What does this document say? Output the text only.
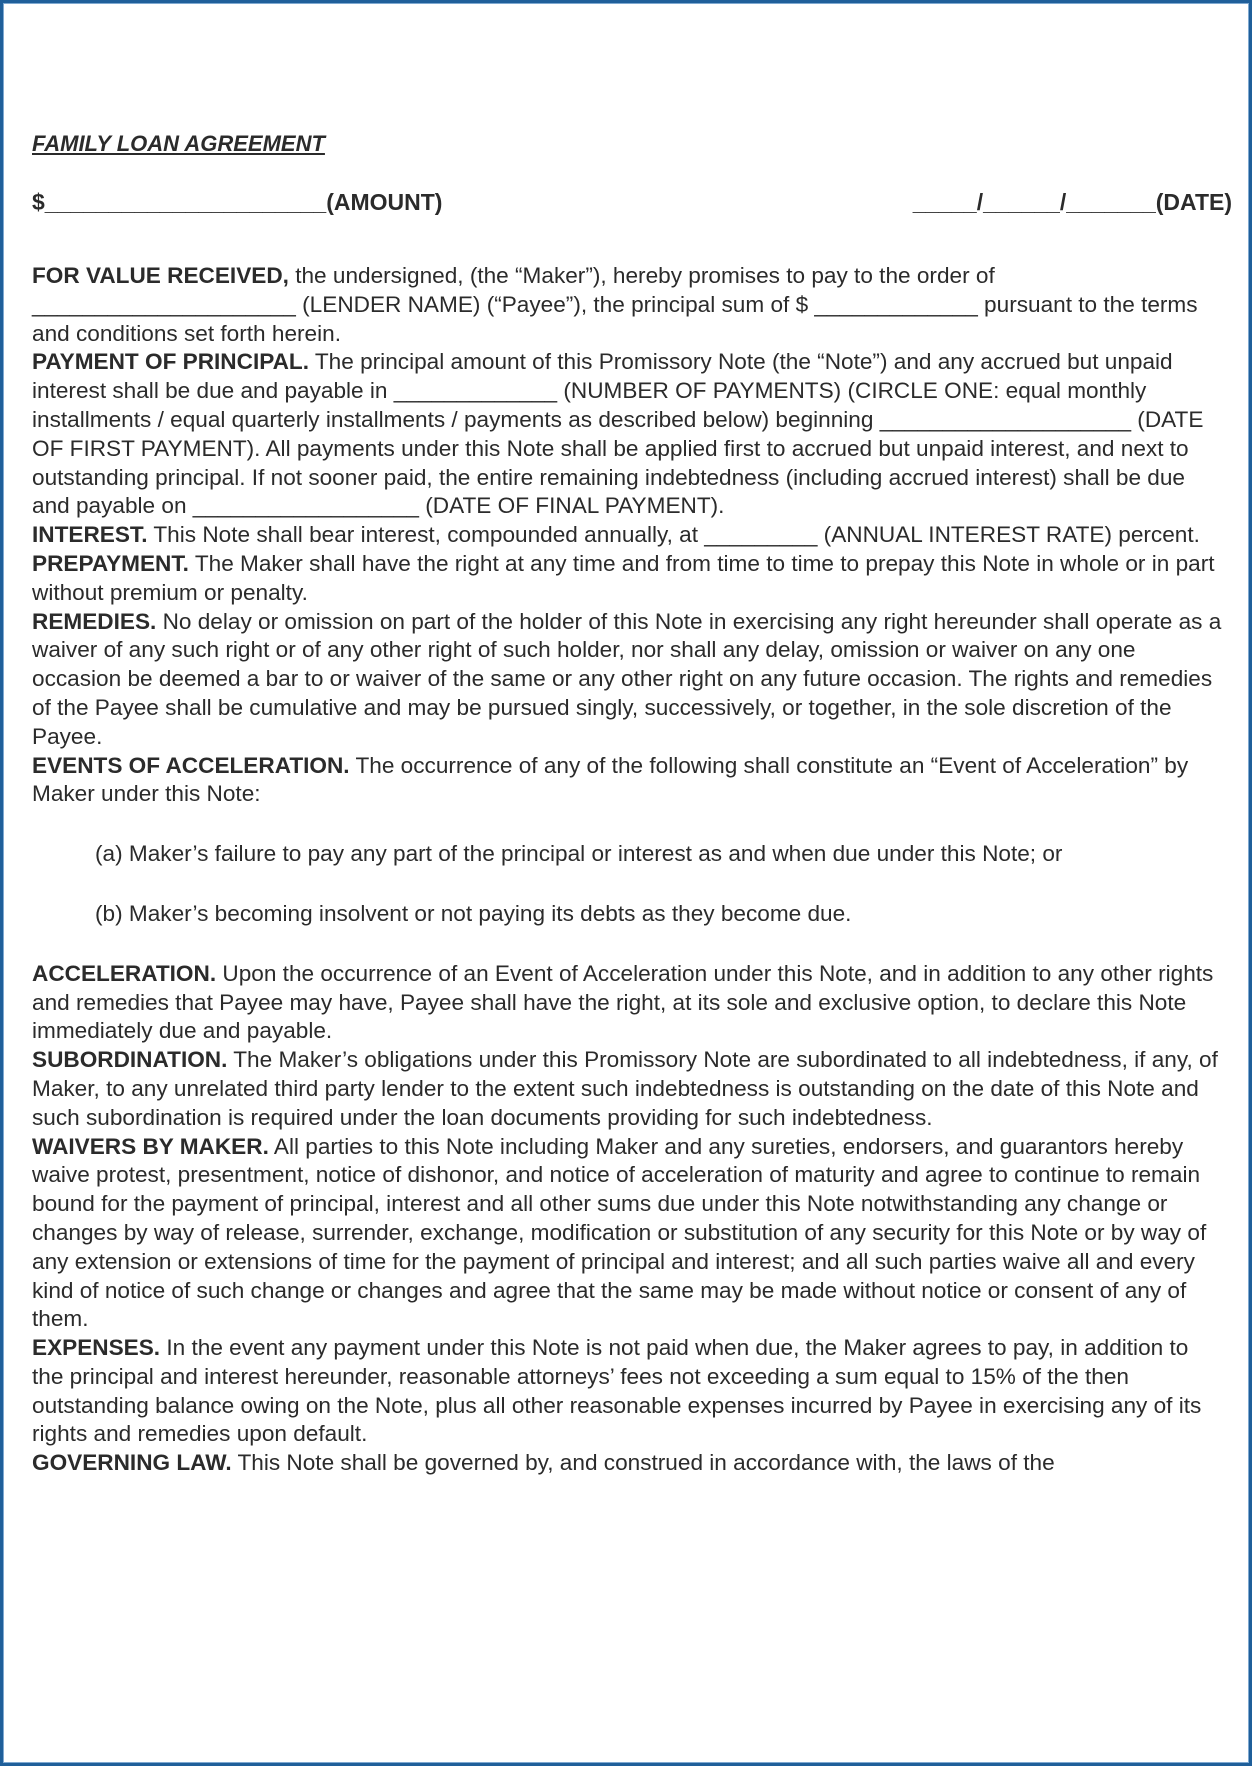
FAMILY LOAN AGREEMENT
$______________________(AMOUNT)	_____/______/_______(DATE)

FOR VALUE RECEIVED, the undersigned, (the “Maker”), hereby promises to pay to the order of _____________________ (LENDER NAME) (“Payee”), the principal sum of $ _____________ pursuant to the terms and conditions set forth herein.

PAYMENT OF PRINCIPAL. The principal amount of this Promissory Note (the “Note”) and any accrued but unpaid interest shall be due and payable in _____________ (NUMBER OF PAYMENTS) (CIRCLE ONE: equal monthly installments / equal quarterly installments / payments as described below) beginning ____________________ (DATE OF FIRST PAYMENT). All payments under this Note shall be applied first to accrued but unpaid interest, and next to outstanding principal. If not sooner paid, the entire remaining indebtedness (including accrued interest) shall be due and payable on __________________ (DATE OF FINAL PAYMENT).

INTEREST. This Note shall bear interest, compounded annually, at _________ (ANNUAL INTEREST RATE) percent.

PREPAYMENT. The Maker shall have the right at any time and from time to time to prepay this Note in whole or in part without premium or penalty.

REMEDIES. No delay or omission on part of the holder of this Note in exercising any right hereunder shall operate as a waiver of any such right or of any other right of such holder, nor shall any delay, omission or waiver on any one occasion be deemed a bar to or waiver of the same or any other right on any future occasion. The rights and remedies of the Payee shall be cumulative and may be pursued singly, successively, or together, in the sole discretion of the Payee.

EVENTS OF ACCELERATION. The occurrence of any of the following shall constitute an “Event of Acceleration” by Maker under this Note:

(a) Maker’s failure to pay any part of the principal or interest as and when due under this Note; or

(b) Maker’s becoming insolvent or not paying its debts as they become due.

ACCELERATION. Upon the occurrence of an Event of Acceleration under this Note, and in addition to any other rights and remedies that Payee may have, Payee shall have the right, at its sole and exclusive option, to declare this Note immediately due and payable.

SUBORDINATION. The Maker’s obligations under this Promissory Note are subordinated to all indebtedness, if any, of Maker, to any unrelated third party lender to the extent such indebtedness is outstanding on the date of this Note and such subordination is required under the loan documents providing for such indebtedness.

WAIVERS BY MAKER. All parties to this Note including Maker and any sureties, endorsers, and guarantors hereby waive protest, presentment, notice of dishonor, and notice of acceleration of maturity and agree to continue to remain bound for the payment of principal, interest and all other sums due under this Note notwithstanding any change or changes by way of release, surrender, exchange, modification or substitution of any security for this Note or by way of any extension or extensions of time for the payment of principal and interest; and all such parties waive all and every kind of notice of such change or changes and agree that the same may be made without notice or consent of any of them.

EXPENSES. In the event any payment under this Note is not paid when due, the Maker agrees to pay, in addition to the principal and interest hereunder, reasonable attorneys’ fees not exceeding a sum equal to 15% of the then outstanding balance owing on the Note, plus all other reasonable expenses incurred by Payee in exercising any of its rights and remedies upon default.

GOVERNING LAW. This Note shall be governed by, and construed in accordance with, the laws of the
